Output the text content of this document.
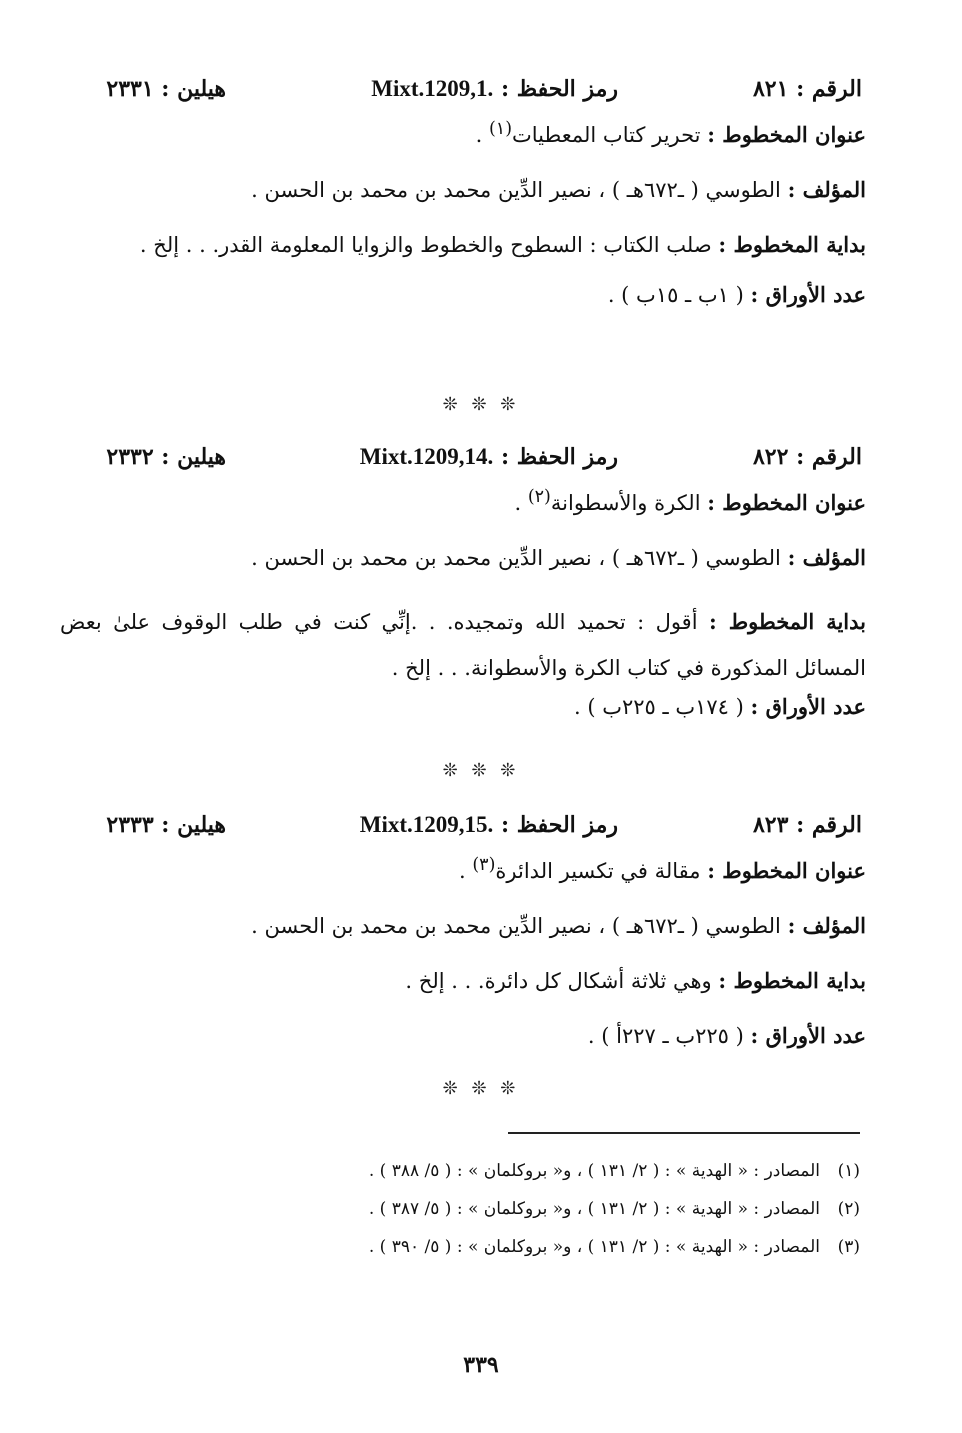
الرقم : ٨٢١
رمز الحفظ : Mixt.1209,1.
هيلين : ٢٣٣١
عنوان المخطوط : تحرير كتاب المعطيات$^{(١)}$ .
المؤلف : الطوسي ( ـ٦٧٢هـ ) ، نصير الدِّين محمد بن محمد بن الحسن .
بداية المخطوط : صلب الكتاب : السطوح والخطوط والزوايا المعلومة القدر. . . إلخ .
عدد الأوراق : ( ١ب ـ ١٥ب ) .
❊ ❊ ❊
الرقم : ٨٢٢
رمز الحفظ : Mixt.1209,14.
هيلين : ٢٣٣٢
عنوان المخطوط : الكرة والأسطوانة$^{(٢)}$ .
المؤلف : الطوسي ( ـ٦٧٢هـ ) ، نصير الدِّين محمد بن محمد بن الحسن .
بداية المخطوط : أقول : تحميد الله وتمجيده. . .إنِّي كنت في طلب الوقوف علىٰ بعض المسائل المذكورة في كتاب الكرة والأسطوانة. . . إلخ .
عدد الأوراق : ( ١٧٤ب ـ ٢٢٥ب ) .
❊ ❊ ❊
الرقم : ٨٢٣
رمز الحفظ : Mixt.1209,15.
هيلين : ٢٣٣٣
عنوان المخطوط : مقالة في تكسير الدائرة$^{(٣)}$ .
المؤلف : الطوسي ( ـ٦٧٢هـ ) ، نصير الدِّين محمد بن محمد بن الحسن .
بداية المخطوط : وهي ثلاثة أشكال كل دائرة. . . إلخ .
عدد الأوراق : ( ٢٢٥ب ـ ٢٢٧أ ) .
❊ ❊ ❊
(١)المصادر : « الهدية » : ( ٢/ ١٣١ ) ، و« بروكلمان » : ( ٥/ ٣٨٨ ) .
(٢)المصادر : « الهدية » : ( ٢/ ١٣١ ) ، و« بروكلمان » : ( ٥/ ٣٨٧ ) .
(٣)المصادر : « الهدية » : ( ٢/ ١٣١ ) ، و« بروكلمان » : ( ٥/ ٣٩٠ ) .
٣٣٩
